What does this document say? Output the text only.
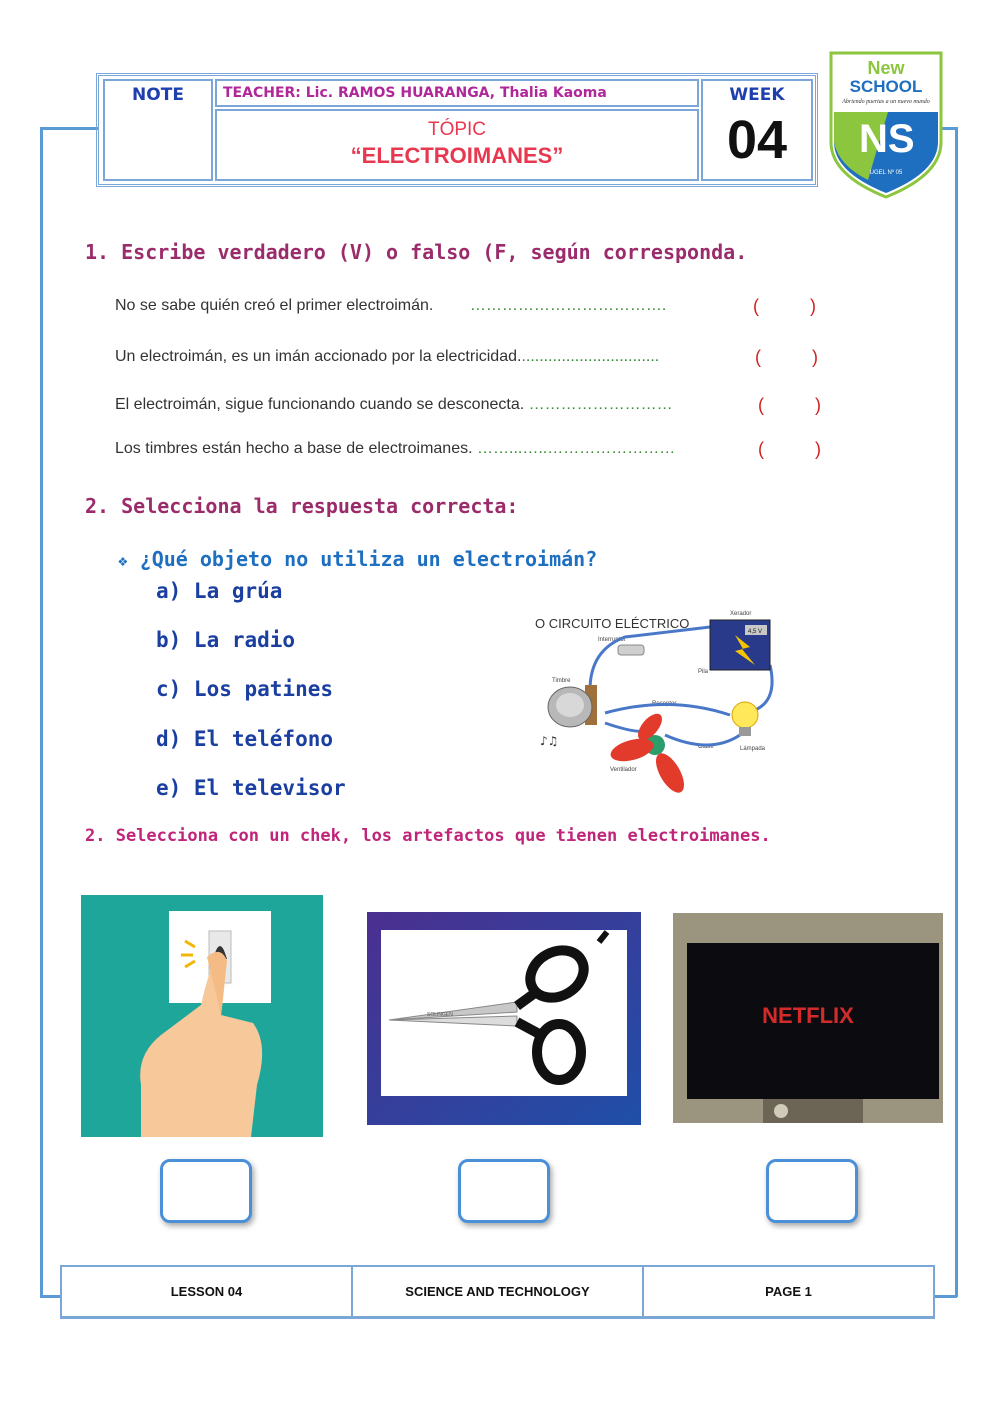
NOTE	TEACHER: Lic. RAMOS HUARANGA, Thalia Kaoma
TÓPIC
“ELECTROIMANES”
WEEK
04	NS
UGEL Nº 05
New
SCHOOL
Abriendo puertas a un nuevo mundo
1. Escribe verdadero (V) o falso (F, según corresponda.
No se sabe quién creó el primer electroimán. ……………………………….	(	)
Un electroimán, es un imán accionado por la electricidad................................	(	)
El electroimán, sigue funcionando cuando se desconecta. ………………………	(	)
Los timbres están hecho a base de electroimanes. ……...…..……………………	(	)
2. Selecciona la respuesta correcta:
❖ ¿Qué objeto no utiliza un electroimán?
a) La grúa
b) La radio
c) Los patines
d) El teléfono
e) El televisor
O CIRCUITO ELÉCTRICO
Xerador
Interruptor
Pila
Timbre
Receptor
Lámpada
Cable
Ventilador
4,5 V
♪♫
2. Selecciona con un chek, los artefactos que tienen electroimanes.
SOLINGEN	NETFLIX
LESSON 04	SCIENCE AND TECHNOLOGY	PAGE 1
